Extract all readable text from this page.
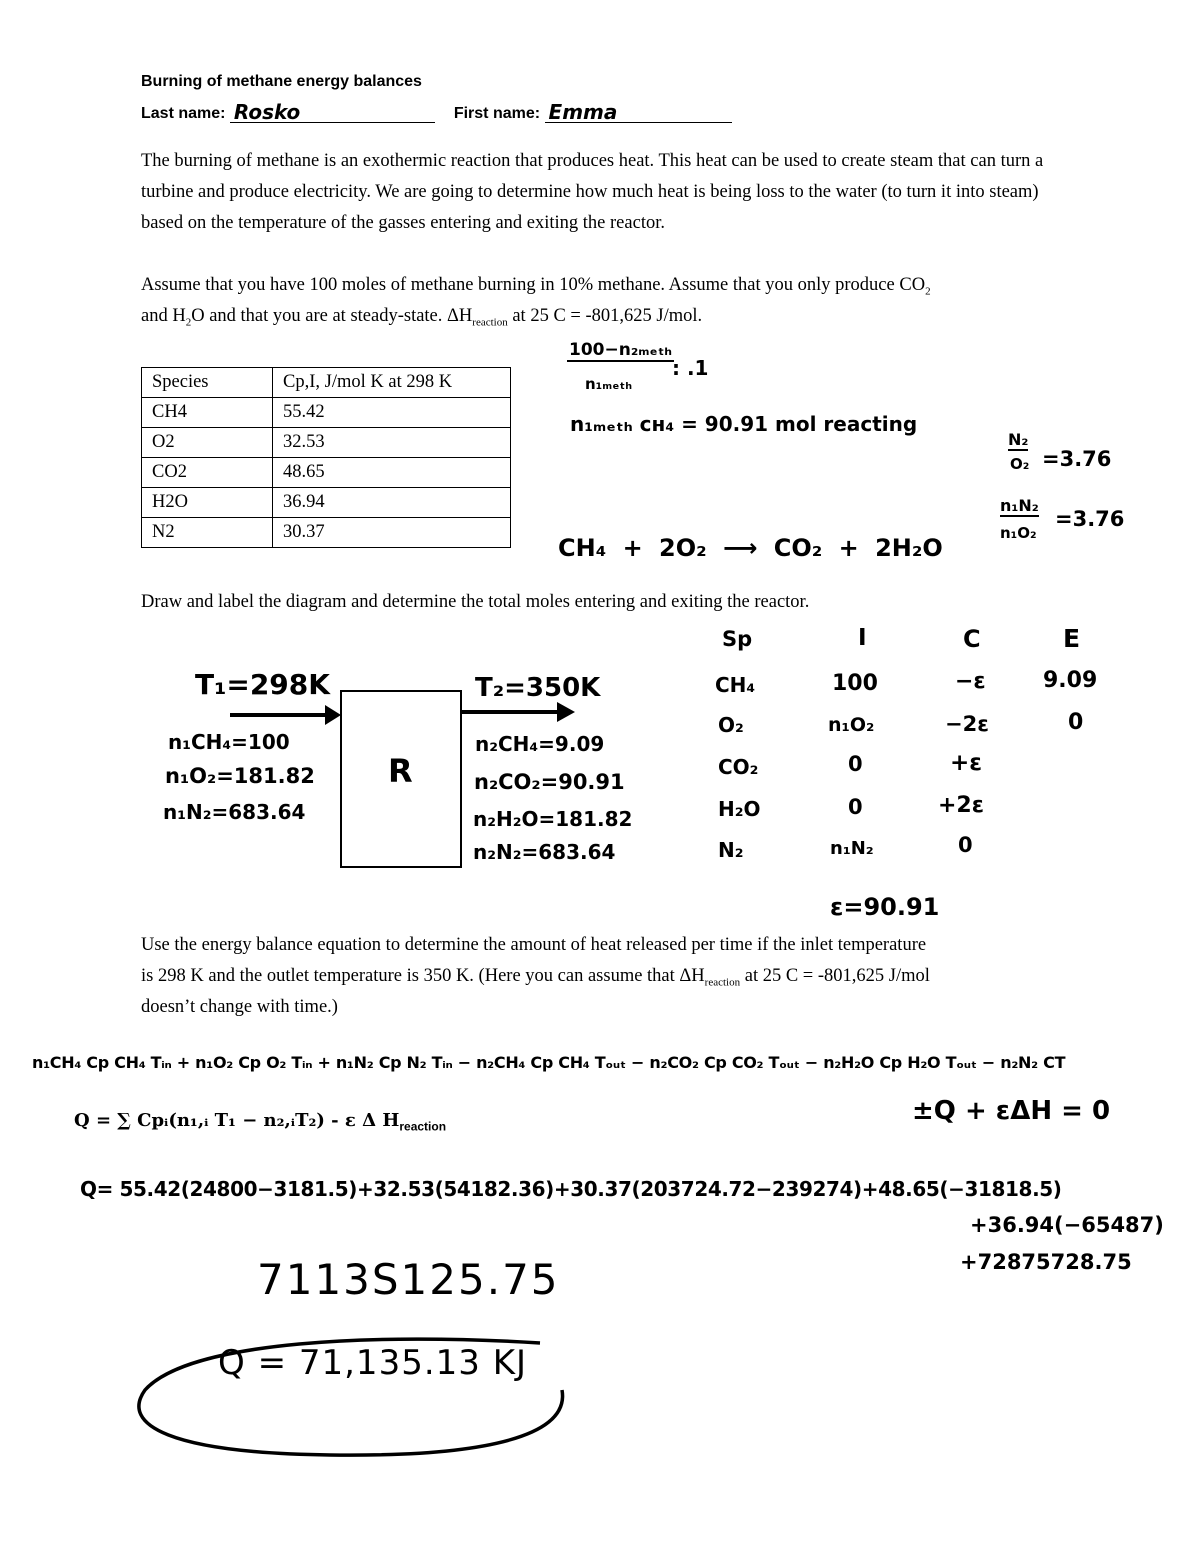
Burning of methane energy balances
Last name: Rosko	First name: Emma
The burning of methane is an exothermic reaction that produces heat. This heat can be used to create steam that can turn a turbine and produce electricity. We are going to determine how much heat is being loss to the water (to turn it into steam) based on the temperature of the gasses entering and exiting the reactor.
Assume that you have 100 moles of methane burning in 10% methane. Assume that you only produce $CO_2$
and $H_2O$ and that you are at steady-state. $\Delta H_{reaction}$ at 25 C = -801,625 J/mol.
Species	Cp,I, J/mol K at 298 K
CH4	55.42
O2	32.53
CO2	48.65
H2O	36.94
N2	30.37
100−n₂ₘₑₜₕ
n₁ₘₑₜₕ
: .1
n₁ₘₑₜₕ ᴄʜ₄ = 90.91 mol reacting
N₂
O₂ =3.76
n₁N₂
n₁O₂
=3.76
CH₄ + 2O₂ ⟶ CO₂ + 2H₂O
Draw and label the diagram and determine the total moles entering and exiting the reactor.
T₁=298K	T₂=350K
R
n₁CH₄=100
n₁O₂=181.82
n₁N₂=683.64
n₂CH₄=9.09
n₂CO₂=90.91
n₂H₂O=181.82
n₂N₂=683.64
Sp	I	C	E
CH₄	100	−ε	9.09
O₂	n₁O₂	−2ε	0
CO₂	0	+ε
H₂O	0	+2ε
N₂	n₁N₂	0
ε=90.91
Use the energy balance equation to determine the amount of heat released per time if the inlet temperature
is 298 K and the outlet temperature is 350 K. (Here you can assume that $\Delta H_{reaction}$ at 25 C = -801,625 J/mol
doesn’t change with time.)
n₁CH₄ Cp CH₄ Tᵢₙ + n₁O₂ Cp O₂ Tᵢₙ + n₁N₂ Cp N₂ Tᵢₙ − n₂CH₄ Cp CH₄ Tₒᵤₜ − n₂CO₂ Cp CO₂ Tₒᵤₜ − n₂H₂O Cp H₂O Tₒᵤₜ − n₂N₂ CT
Q = ∑ Cpᵢ(n₁,ᵢ T₁ − n₂,ᵢT₂) - ε Δ $H_{reaction}$
±Q + εΔH = 0
Q= 55.42(24800−3181.5)+32.53(54182.36)+30.37(203724.72−239274)+48.65(−31818.5)
+36.94(−65487)
+72875728.75
7113S125.75
Q = 71,135.13 KJ
